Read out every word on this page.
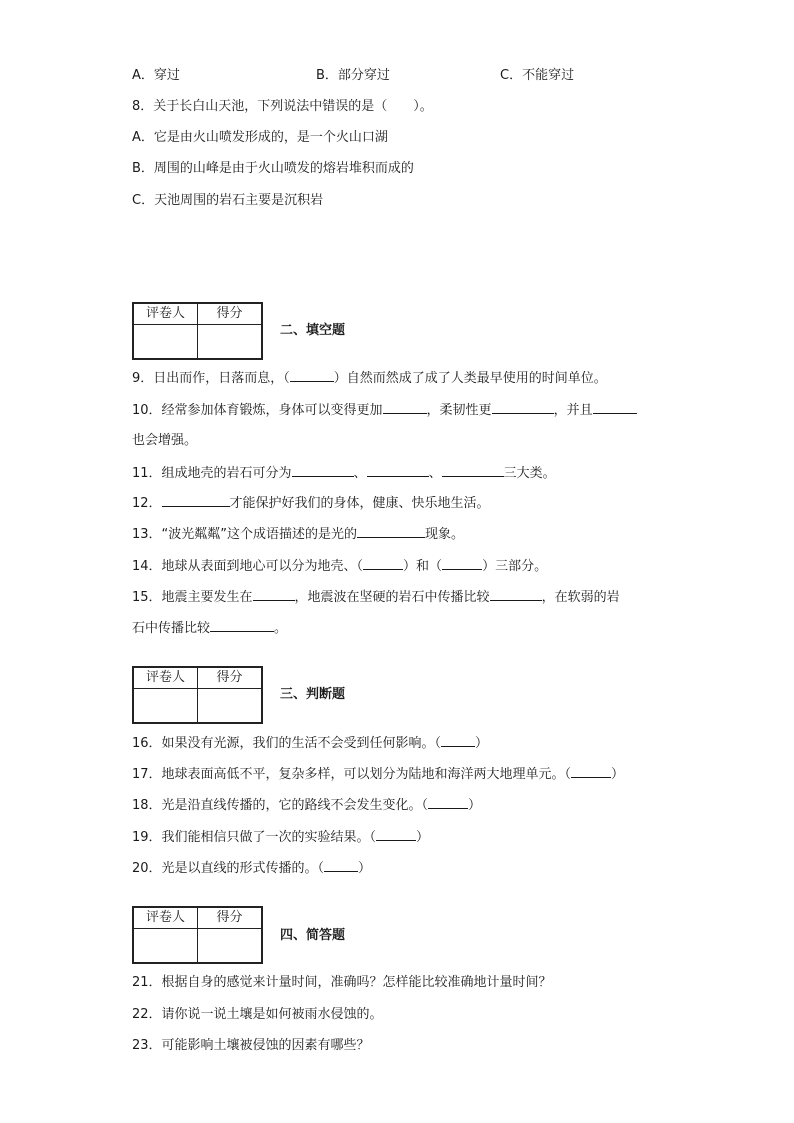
A．穿过	B．部分穿过	C．不能穿过
8．关于长白山天池，下列说法中错误的是（　　）。
A．它是由火山喷发形成的，是一个火山口湖
B．周围的山峰是由于火山喷发的熔岩堆积而成的
C．天池周围的岩石主要是沉积岩
评卷人	得分
二、填空题
9．日出而作，日落而息，（	）自然而然成了成了人类最早使用的时间单位。
10．经常参加体育锻炼，身体可以变得更加	，柔韧性更	，并且
也会增强。
11．组成地壳的岩石可分为	、	、	三大类。
12．	才能保护好我们的身体，健康、快乐地生活。
13．“波光粼粼”这个成语描述的是光的	现象。
14．地球从表面到地心可以分为地壳、（	）和（	）三部分。
15．地震主要发生在	，地震波在坚硬的岩石中传播比较	，在软弱的岩
石中传播比较	。
评卷人	得分
三、判断题
16．如果没有光源，我们的生活不会受到任何影响。（	）
17．地球表面高低不平，复杂多样，可以划分为陆地和海洋两大地理单元。（	）
18．光是沿直线传播的，它的路线不会发生变化。（	）
19．我们能相信只做了一次的实验结果。（	）
20．光是以直线的形式传播的。（	）
评卷人	得分
四、简答题
21．根据自身的感觉来计量时间，准确吗？怎样能比较准确地计量时间？
22．请你说一说土壤是如何被雨水侵蚀的。
23．可能影响土壤被侵蚀的因素有哪些？
